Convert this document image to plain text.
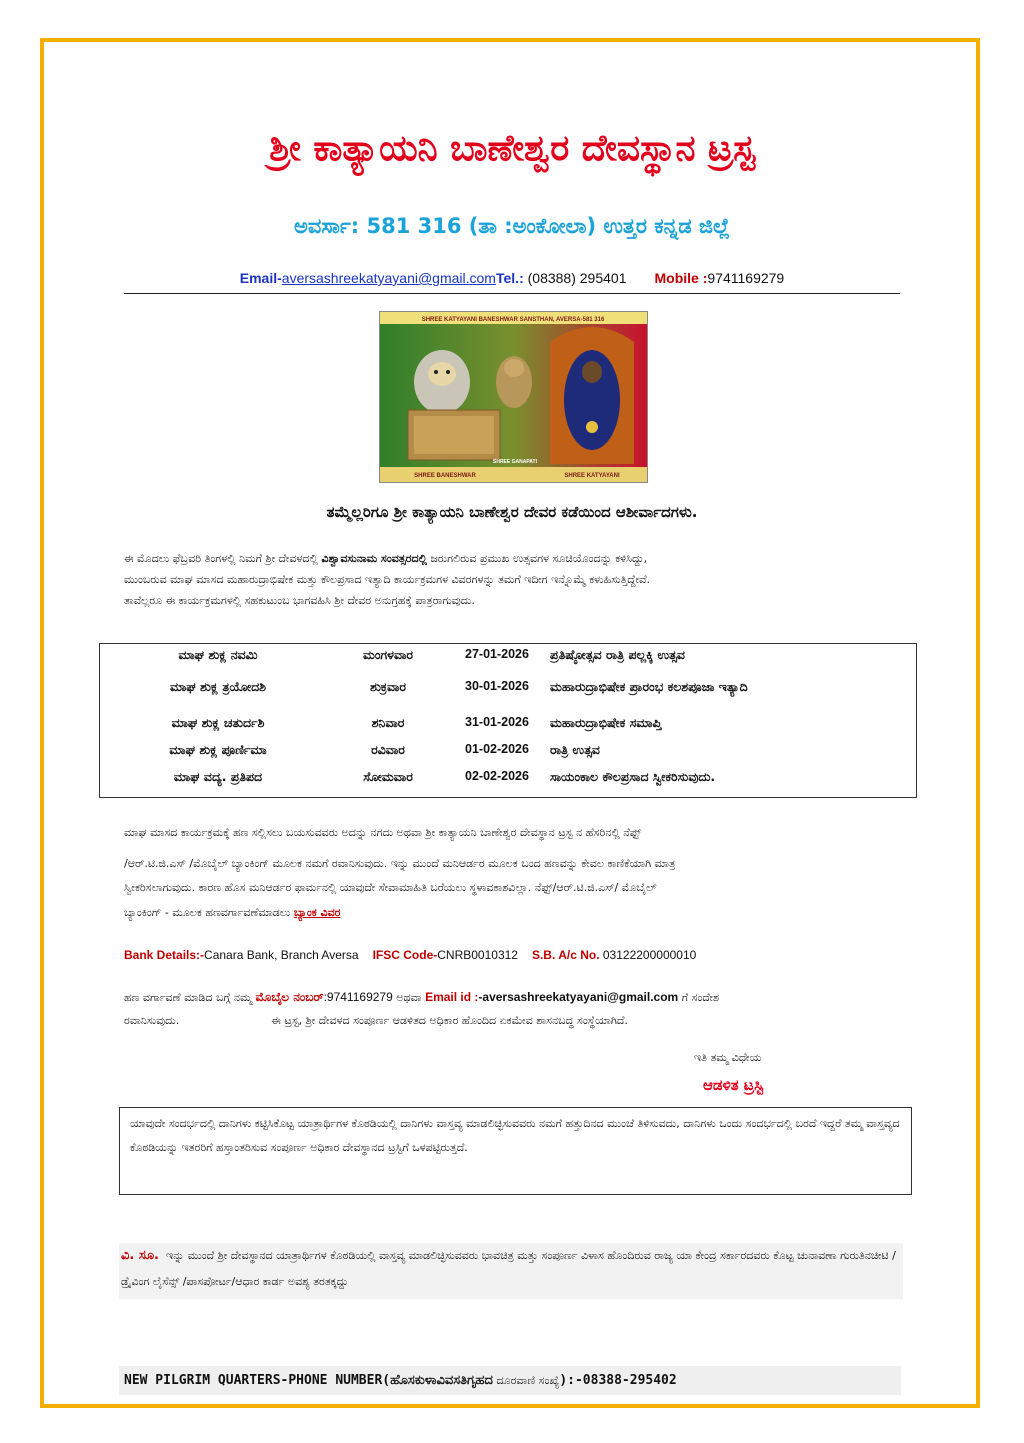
ಶ್ರೀ ಕಾತ್ಯಾಯನಿ ಬಾಣೇಶ್ವರ ದೇವಸ್ಥಾನ ಟ್ರಸ್ಟ
ಅವರ್ಸಾ: 581 316 (ತಾ :ಅಂಕೋಲಾ) ಉತ್ತರ ಕನ್ನಡ ಜಿಲ್ಲೆ
Email-aversashreekatyayani@gmail.comTel.: (08388) 295401 Mobile :9741169279
SHREE KATYAYANI BANESHWAR SANSTHAN, AVERSA-581 316
SHREE BANESHWAR
SHREE GANAPATI
SHREE KATYAYANI
ತಮ್ಮೆಲ್ಲರಿಗೂ ಶ್ರೀ ಕಾತ್ಯಾಯನಿ ಬಾಣೇಶ್ವರ ದೇವರ ಕಡೆಯಿಂದ ಆಶೀರ್ವಾದಗಳು.
ಈ ಮೊದಲು ಫೆಬ್ರವರಿ ತಿಂಗಳಲ್ಲಿ ನಿಮಗೆ ಶ್ರೀ ದೇವಳದಲ್ಲಿ ವಿಶ್ವಾವಸುನಾಮ ಸಂವತ್ಸರದಲ್ಲಿ ಜರುಗಲಿರುವ ಪ್ರಮುಖ ಉತ್ಸವಗಳ ಸೂಚಿಯೊಂದನ್ನು ಕಳಿಸಿದ್ದು,
ಮುಂಬರುವ ಮಾಘ ಮಾಸದ ಮಹಾರುದ್ರಾಭಿಷೇಕ ಮತ್ತು ಕೌಲಪ್ರಸಾದ ಇತ್ಯಾದಿ ಕಾರ್ಯಕ್ರಮಗಳ ವಿವರಗಳನ್ನು ತಮಗೆ ಇದೀಗ ಇನ್ನೊಮ್ಮೆ ಕಳುಹಿಸುತ್ತಿದ್ದೇವೆ.
ತಾವೆಲ್ಲರೂ ಈ ಕಾರ್ಯಕ್ರಮಗಳಲ್ಲಿ ಸಹಕುಟುಂಬ ಭಾಗವಹಿಸಿ ಶ್ರೀ ದೇವರ ಅನುಗ್ರಹಕ್ಕೆ ಪಾತ್ರರಾಗುವುದು.
ಮಾಘ ಶುಕ್ಲ ನವಮಿ	ಮಂಗಳವಾರ	27-01-2026	ಪ್ರತಿಷ್ಠೋತ್ಸವ ರಾತ್ರಿ ಪಲ್ಲಕ್ಕಿ ಉತ್ಸವ
ಮಾಘ ಶುಕ್ಲ ತ್ರಯೋದಶಿ	ಶುಕ್ರವಾರ	30-01-2026	ಮಹಾರುದ್ರಾಭಿಷೇಕ ಪ್ರಾರಂಭ ಕಲಶಪೂಜಾ ಇತ್ಯಾದಿ
ಮಾಘ ಶುಕ್ಲ ಚತುರ್ದಶಿ	ಶನಿವಾರ	31-01-2026	ಮಹಾರುದ್ರಾಭಿಷೇಕ ಸಮಾಪ್ತಿ
ಮಾಘ ಶುಕ್ಲ ಪೂರ್ಣಿಮಾ	ರವಿವಾರ	01-02-2026	ರಾತ್ರಿ ಉತ್ಸವ
ಮಾಘ ವದ್ಯ. ಪ್ರತಿಪದ	ಸೋಮವಾರ	02-02-2026	ಸಾಯಂಕಾಲ ಕೌಲಪ್ರಸಾದ ಸ್ವೀಕರಿಸುವುದು.
ಮಾಘ ಮಾಸದ ಕಾರ್ಯಕ್ರಮಕ್ಕೆ ಹಣ ಸಲ್ಲಿಸಲು ಬಯಸುವವರು ಅದನ್ನು ನಗದು ಅಥವಾ ಶ್ರೀ ಕಾತ್ಯಾಯನಿ ಬಾಣೇಶ್ವರ ದೇವಸ್ಥಾನ ಟ್ರಸ್ಟ ನ ಹೆಸರಿನಲ್ಲಿ ನೆಫ್ಟ್
/ಆರ್.ಟಿ.ಜಿ.ಎಸ್ /ಮೊಬೈಲ್ ಬ್ಯಾಂಕಿಂಗ್ ಮೂಲಕ ನಮಗೆ ರವಾನಿಸುವುದು. ಇನ್ನು ಮುಂದೆ ಮನಿಆರ್ಡರ ಮೂಲಕ ಬಂದ ಹಣವನ್ನು ಕೇವಲ ಕಾಣಿಕೆಯಾಗಿ ಮಾತ್ರ
ಸ್ವೀಕರಿಸಲಾಗುವುದು. ಕಾರಣ ಹೊಸ ಮನಿಆರ್ಡರ ಫಾರ್ಮನಲ್ಲಿ ಯಾವುದೇ ಸೇವಾಮಾಹಿತಿ ಬರೆಯಲು ಸ್ಥಳಾವಕಾಶವಿಲ್ಲಾ. ನೆಫ್ಟ್/ಆರ್.ಟಿ.ಜಿ.ಎಸ್/ ಮೊಬೈಲ್
ಬ್ಯಾಂಕಿಂಗ್ - ಮೂಲಕ ಹಣವರ್ಗಾವಣೆಮಾಡಲು ಬ್ಯಾಂಕ ವಿವರ
Bank Details:-Canara Bank, Branch Aversa IFSC Code-CNRB0010312 S.B. A/c No. 03122200000010
ಹಣ ವರ್ಗಾವಣೆ ಮಾಡಿದ ಬಗ್ಗೆ ನಮ್ಮ ಮೊಬೈಲ ನಂಬರ್:9741169279 ಅಥವಾ Email id :-aversashreekatyayani@gmail.com ಗೆ ಸಂದೇಶ
ರವಾನಿಸುವುದು.	ಈ ಟ್ರಸ್ಟ, ಶ್ರೀ ದೇವಳದ ಸಂಪೂರ್ಣ ಆಡಳಿತದ ಅಧಿಕಾರ ಹೊಂದಿದ ಏಕಮೇವ ಶಾಸನಬದ್ಧ ಸಂಸ್ಥೆಯಾಗಿದೆ.
ಇತಿ ತಮ್ಮ ವಿಧೇಯ
ಆಡಳಿತ ಟ್ರಸ್ಟಿ
ಯಾವುದೇ ಸಂದರ್ಭದಲ್ಲಿ ದಾನಿಗಳು ಕಟ್ಟಿಸಿಕೊಟ್ಟ ಯಾತ್ರಾರ್ಥಿಗಳ ಕೊಠಡಿಯಲ್ಲಿ ದಾನಿಗಳು ವಾಸ್ತವ್ಯ ಮಾಡಲಿಚ್ಛಿಸುವವರು ನಮಗೆ ಹತ್ತುದಿನದ ಮುಂಚೆ ತಿಳಿಸುವದು, ದಾನಿಗಳು ಒಂದು ಸಂದರ್ಭದಲ್ಲಿ ಬರದೆ ಇದ್ದರೆ ತಮ್ಮ ವಾಸ್ತವ್ಯದ ಕೊಠಡಿಯನ್ನು ಇತರರಿಗೆ ಹಸ್ತಾಂತರಿಸುವ ಸಂಪೂರ್ಣ ಅಧಿಕಾರ ದೇವಸ್ಥಾನದ ಟ್ರಸ್ಟಿಗೆ ಒಳಪಟ್ಟಿರುತ್ತದೆ.
ವಿ. ಸೂ. ಇನ್ನು ಮುಂದೆ ಶ್ರೀ ದೇವಸ್ಥಾನದ ಯಾತ್ರಾರ್ಥಿಗಳ ಕೊಠಡಿಯಲ್ಲಿ ವಾಸ್ತವ್ಯ ಮಾಡಲಿಚ್ಛಿಸುವವರು ಭಾವಚಿತ್ರ ಮತ್ತು ಸಂಪೂರ್ಣ ವಿಳಾಸ ಹೊಂದಿರುವ ರಾಜ್ಯ ಯಾ ಕೇಂದ್ರ ಸರ್ಕಾರದವರು ಕೊಟ್ಟ ಚುನಾವಣಾ ಗುರುತಿನಚೀಟಿ /ಡ್ರೈವಿಂಗ ಲೈಸೆನ್ಸ್ /ಪಾಸಪೋರ್ಟ/ಆಧಾರ ಕಾರ್ಡ ಅವಶ್ಯ ತರತಕ್ಕದ್ದು
NEW PILGRIM QUARTERS-PHONE NUMBER(ಹೊಸಕುಳಾವಿವಸತಿಗೃಹದ ದೂರವಾಣಿ ಸಂಖ್ಯೆ):-08388-295402
